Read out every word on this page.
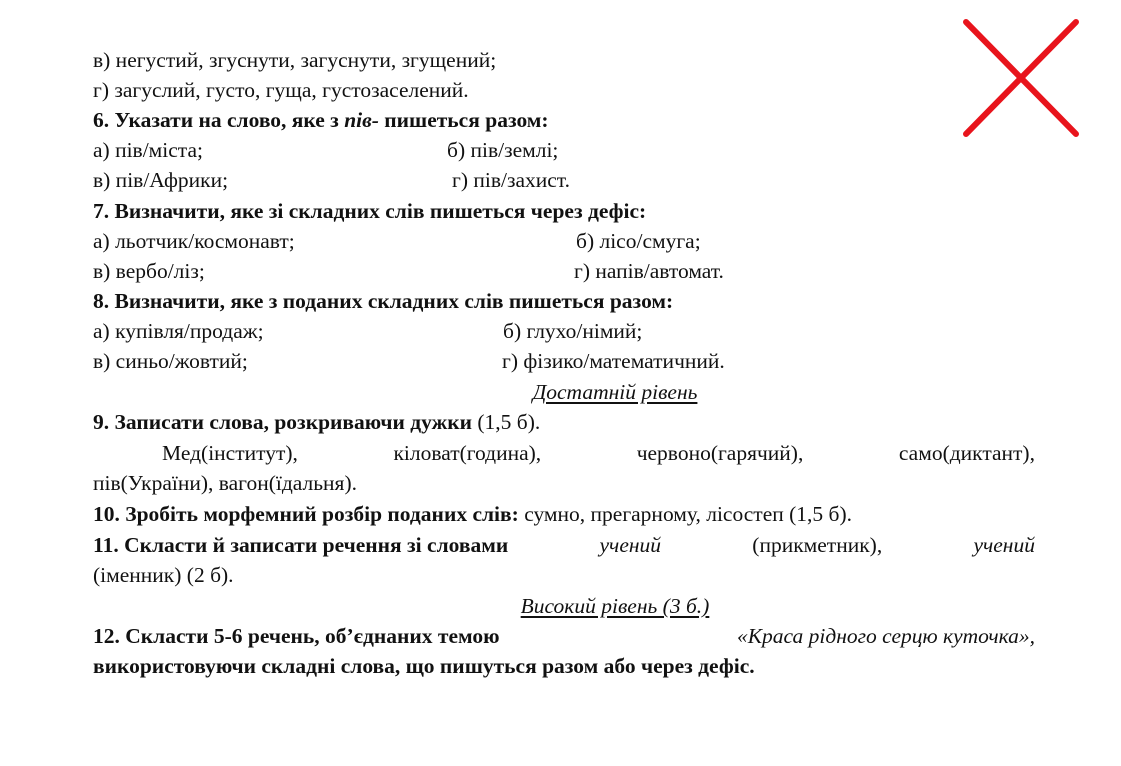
в) негустий, згуснути, загуснути, згущений;
г) загуслий, густо, гуща, густозаселений.
6. Указати на слово, яке з пів- пишеться разом:
а) пів/міста;	б) пів/землі;
в) пів/Африки;	г) пів/захист.
7. Визначити, яке зі складних слів пишеться через дефіс:
а) льотчик/космонавт;	б) лісо/смуга;
в) вербо/ліз;	г) напів/автомат.
8. Визначити, яке з поданих складних слів пишеться разом:
а) купівля/продаж;	б) глухо/німий;
в) синьо/жовтий;	г) фізико/математичний.
Достатній рівень
9. Записати слова, розкриваючи дужки (1,5 б).
Мед(інститут),	кіловат(година),	червоно(гарячий),	само(диктант),
пів(України), вагон(їдальня).
10. Зробіть морфемний розбір поданих слів: сумно, прегарному, лісостеп (1,5 б).
11. Скласти й записати речення зі словами	учений	(прикметник),	учений
(іменник) (2 б).
Високий рівень (3 б.)
12. Скласти 5-6 речень, об’єднаних темою	«Краса рідного серцю куточка»,
використовуючи складні слова, що пишуться разом або через дефіс.
